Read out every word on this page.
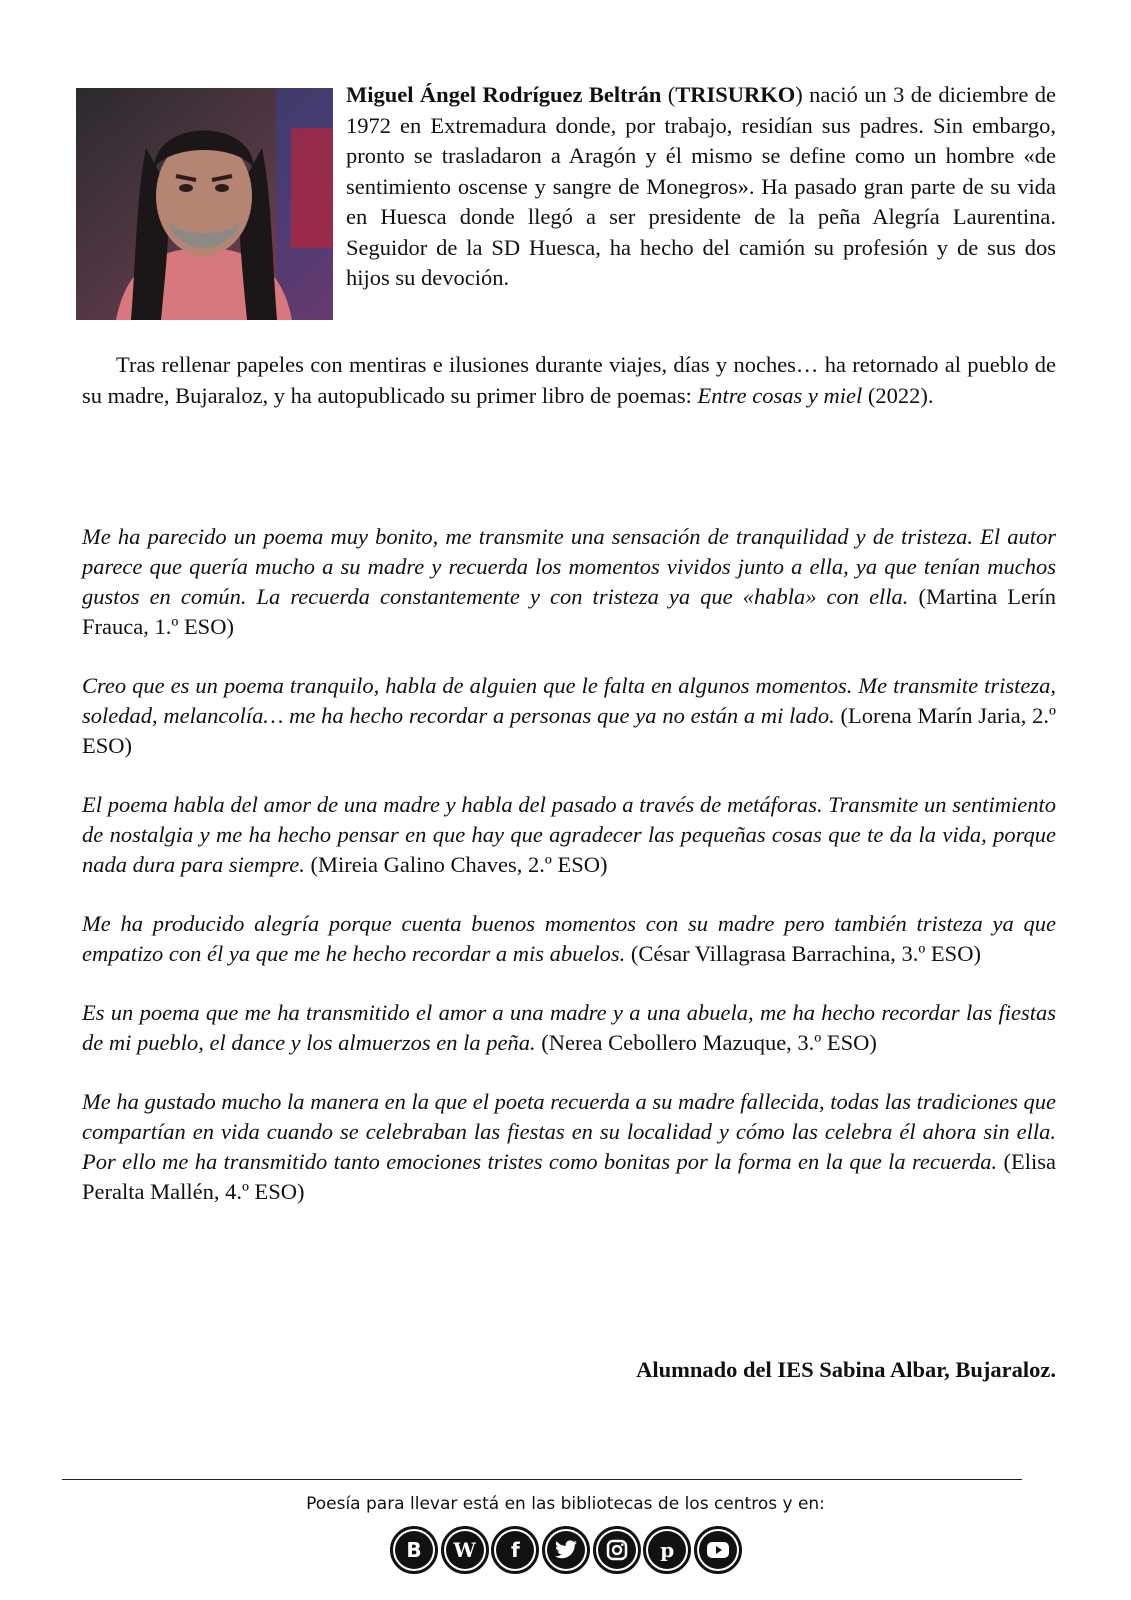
Miguel Ángel Rodríguez Beltrán (TRISURKO) nació un 3 de diciembre de 1972 en Extremadura donde, por trabajo, residían sus padres. Sin embargo, pronto se trasladaron a Aragón y él mismo se define como un hombre «de sentimiento oscense y sangre de Monegros». Ha pasado gran parte de su vida en Huesca donde llegó a ser presidente de la peña Alegría Laurentina. Seguidor de la SD Huesca, ha hecho del camión su profesión y de sus dos hijos su devoción.

Tras rellenar papeles con mentiras e ilusiones durante viajes, días y noches… ha retornado al pueblo de su madre, Bujaraloz, y ha autopublicado su primer libro de poemas: Entre cosas y miel (2022).

Me ha parecido un poema muy bonito, me transmite una sensación de tranquilidad y de tristeza. El autor parece que quería mucho a su madre y recuerda los momentos vividos junto a ella, ya que tenían muchos gustos en común. La recuerda constantemente y con tristeza ya que «habla» con ella. (Martina Lerín Frauca, 1.º ESO)

Creo que es un poema tranquilo, habla de alguien que le falta en algunos momentos. Me transmite tristeza, soledad, melancolía… me ha hecho recordar a personas que ya no están a mi lado. (Lorena Marín Jaria, 2.º ESO)

El poema habla del amor de una madre y habla del pasado a través de metáforas. Transmite un sentimiento de nostalgia y me ha hecho pensar en que hay que agradecer las pequeñas cosas que te da la vida, porque nada dura para siempre. (Mireia Galino Chaves, 2.º ESO)

Me ha producido alegría porque cuenta buenos momentos con su madre pero también tristeza ya que empatizo con él ya que me he hecho recordar a mis abuelos. (César Villagrasa Barrachina, 3.º ESO)

Es un poema que me ha transmitido el amor a una madre y a una abuela, me ha hecho recordar las fiestas de mi pueblo, el dance y los almuerzos en la peña. (Nerea Cebollero Mazuque, 3.º ESO)

Me ha gustado mucho la manera en la que el poeta recuerda a su madre fallecida, todas las tradiciones que compartían en vida cuando se celebraban las fiestas en su localidad y cómo las celebra él ahora sin ella. Por ello me ha transmitido tanto emociones tristes como bonitas por la forma en la que la recuerda. (Elisa Peralta Mallén, 4.º ESO)

Alumnado del IES Sabina Albar, Bujaraloz.

Poesía para llevar está en las bibliotecas de los centros y en:
B	W	f	p
